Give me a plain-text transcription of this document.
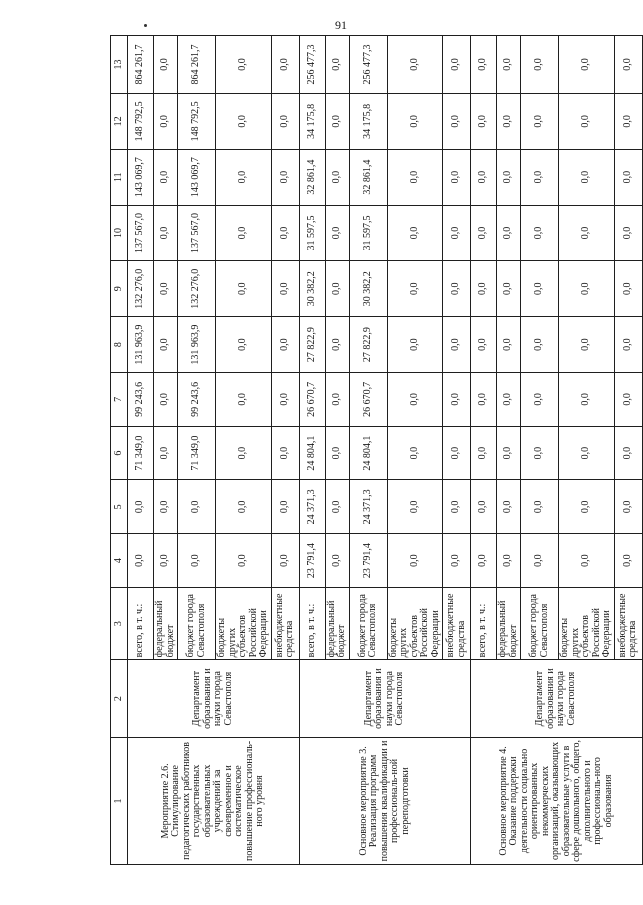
91
1	2	3	4	5	6	7	8	9	10	11	12	13
Мероприятие 2.6. Стимулирование педагогических работников государственных образовательных учреждений за своевременное и систематическое повышение профессиональ-ного уровня	Департамент образования и науки города Севастополя	всего, в т. ч.:	0,0	0,0	71 349,0	99 243,6	131 963,9	132 276,0	137 567,0	143 069,7	148 792,5	864 261,7
		федеральный бюджет	0,0	0,0	0,0	0,0	0,0	0,0	0,0	0,0	0,0	0,0
		бюджет города Севастополя	0,0	0,0	71 349,0	99 243,6	131 963,9	132 276,0	137 567,0	143 069,7	148 792,5	864 261,7
		бюджеты других субъектов Российской Федерации	0,0	0,0	0,0	0,0	0,0	0,0	0,0	0,0	0,0	0,0
		внебюджетные средства	0,0	0,0	0,0	0,0	0,0	0,0	0,0	0,0	0,0	0,0
Основное мероприятие 3. Реализация программ повышения квалификации и профессиональ-ной переподготовки	Департамент образования и науки города Севастополя	всего, в т. ч.:	23 791,4	24 371,3	24 804,1	26 670,7	27 822,9	30 382,2	31 597,5	32 861,4	34 175,8	256 477,3
		федеральный бюджет	0,0	0,0	0,0	0,0	0,0	0,0	0,0	0,0	0,0	0,0
		бюджет города Севастополя	23 791,4	24 371,3	24 804,1	26 670,7	27 822,9	30 382,2	31 597,5	32 861,4	34 175,8	256 477,3
		бюджеты других субъектов Российской Федерации	0,0	0,0	0,0	0,0	0,0	0,0	0,0	0,0	0,0	0,0
		внебюджетные средства	0,0	0,0	0,0	0,0	0,0	0,0	0,0	0,0	0,0	0,0
Основное мероприятие 4. Оказание поддержки деятельности социально ориентированных некоммерческих организаций, оказывающих образовательные услуги в сфере дошкольного, общего, дополнительного и профессиональ-ного образования	Департамент образования и науки города Севастополя	всего, в т. ч.:	0,0	0,0	0,0	0,0	0,0	0,0	0,0	0,0	0,0	0,0
		федеральный бюджет	0,0	0,0	0,0	0,0	0,0	0,0	0,0	0,0	0,0	0,0
		бюджет города Севастополя	0,0	0,0	0,0	0,0	0,0	0,0	0,0	0,0	0,0	0,0
		бюджеты других субъектов Российской Федерации	0,0	0,0	0,0	0,0	0,0	0,0	0,0	0,0	0,0	0,0
		внебюджетные средства	0,0	0,0	0,0	0,0	0,0	0,0	0,0	0,0	0,0	0,0
